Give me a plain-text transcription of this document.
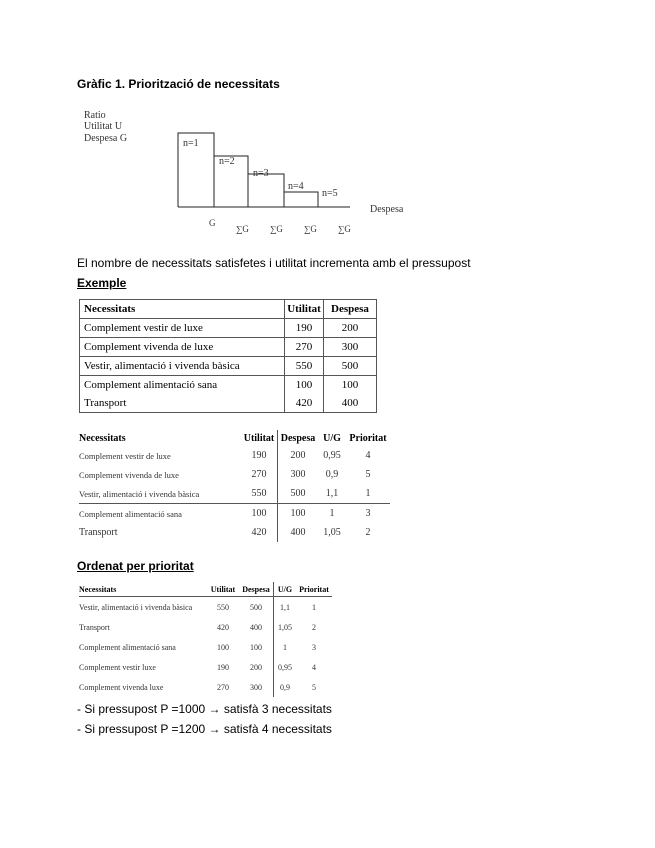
Gràfic 1. Priorització de necessitats
Ratio
Utilitat U
Despesa G	n=1
n=2
n=3
n=4
n=5
Despesa
G
∑G ∑G ∑G ∑G
El nombre de necessitats satisfetes i utilitat incrementa amb el pressupost
Exemple
Necessitats	Utilitat	Despesa
Complement vestir de luxe	190	200
Complement vivenda de luxe	270	300
Vestir, alimentació i vivenda bàsica	550	500
Complement alimentació sana	100	100
Transport	420	400
Necessitats	Utilitat	Despesa	U/G	Prioritat
Complement vestir de luxe	190	200	0,95	4
Complement vivenda de luxe	270	300	0,9	5
Vestir, alimentació i vivenda bàsica	550	500	1,1	1
Complement alimentació sana	100	100	1	3
Transport	420	400	1,05	2
Ordenat per prioritat
Necessitats	Utilitat	Despesa	U/G	Prioritat
Vestir, alimentació i vivenda bàsica	550	500	1,1	1
Transport	420	400	1,05	2
Complement alimentació sana	100	100	1	3
Complement vestir luxe	190	200	0,95	4
Complement vivenda luxe	270	300	0,9	5
- Si pressupost P =1000 → satisfà 3 necessitats
- Si pressupost P =1200 → satisfà 4 necessitats
